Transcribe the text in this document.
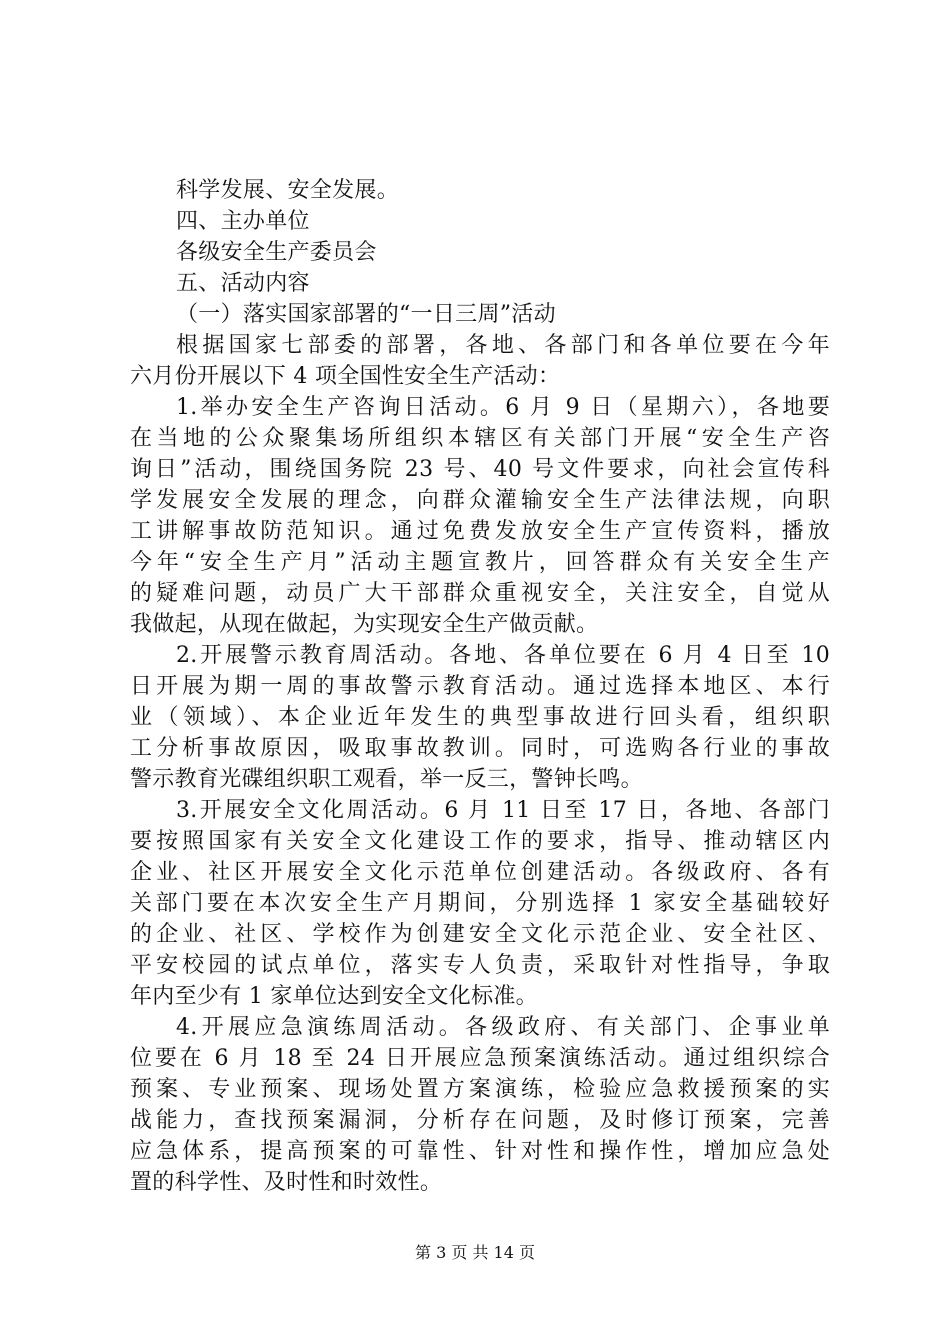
科学发展、安全发展。
四、主办单位
各级安全生产委员会
五、活动内容
（一）落实国家部署的“一日三周”活动
根据国家七部委的部署，各地、各部门和各单位要在今年
六月份开展以下 4 项全国性安全生产活动：
1.举办安全生产咨询日活动。6 月 9 日（星期六），各地要
在当地的公众聚集场所组织本辖区有关部门开展“安全生产咨
询日”活动，围绕国务院 23 号、40 号文件要求，向社会宣传科
学发展安全发展的理念，向群众灌输安全生产法律法规，向职
工讲解事故防范知识。通过免费发放安全生产宣传资料，播放
今年“安全生产月”活动主题宣教片，回答群众有关安全生产
的疑难问题，动员广大干部群众重视安全，关注安全，自觉从
我做起，从现在做起，为实现安全生产做贡献。
2.开展警示教育周活动。各地、各单位要在 6 月 4 日至 10
日开展为期一周的事故警示教育活动。通过选择本地区、本行
业（领域）、本企业近年发生的典型事故进行回头看，组织职
工分析事故原因，吸取事故教训。同时，可选购各行业的事故
警示教育光碟组织职工观看，举一反三，警钟长鸣。
3.开展安全文化周活动。6 月 11 日至 17 日，各地、各部门
要按照国家有关安全文化建设工作的要求，指导、推动辖区内
企业、社区开展安全文化示范单位创建活动。各级政府、各有
关部门要在本次安全生产月期间，分别选择 1 家安全基础较好
的企业、社区、学校作为创建安全文化示范企业、安全社区、
平安校园的试点单位，落实专人负责，采取针对性指导，争取
年内至少有 1 家单位达到安全文化标准。
4.开展应急演练周活动。各级政府、有关部门、企事业单
位要在 6 月 18 至 24 日开展应急预案演练活动。通过组织综合
预案、专业预案、现场处置方案演练，检验应急救援预案的实
战能力，查找预案漏洞，分析存在问题，及时修订预案，完善
应急体系，提高预案的可靠性、针对性和操作性，增加应急处
置的科学性、及时性和时效性。
第 3 页 共 14 页
